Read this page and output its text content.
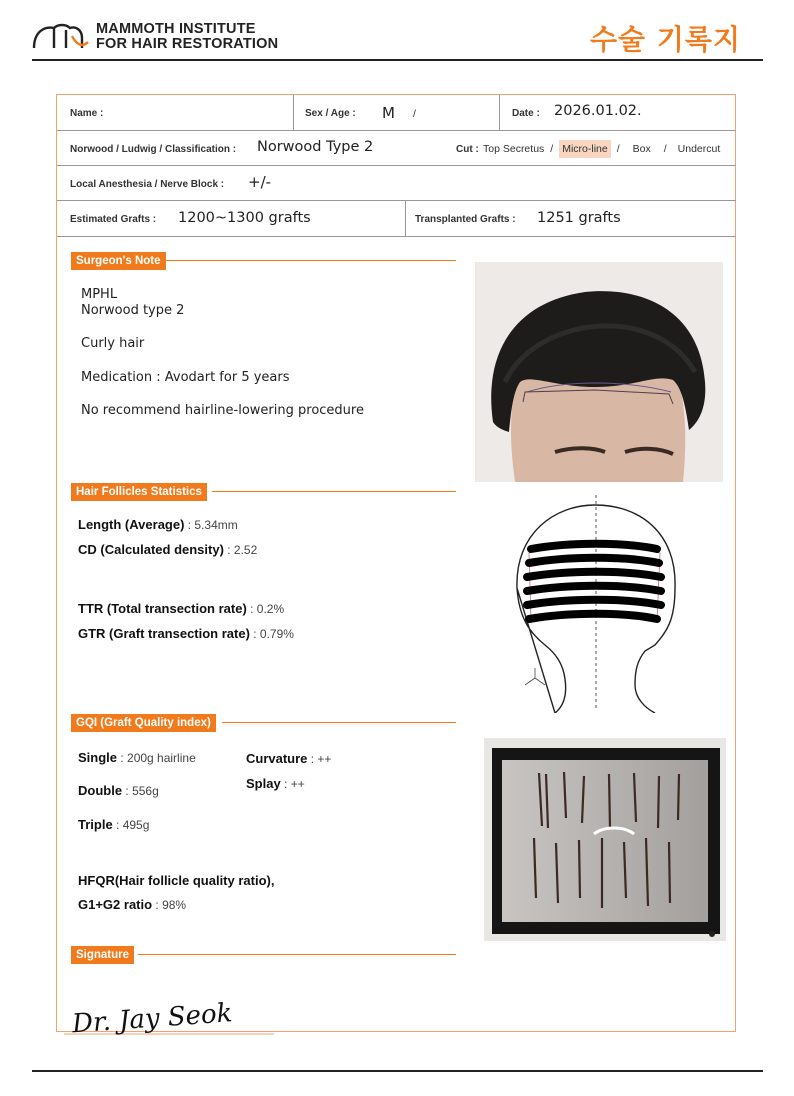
MAMMOTH INSTITUTE
FOR HAIR RESTORATION	수술 기록지
Name :	Sex / Age : M /	Date : 2026.01.02.
Norwood / Ludwig / Classification : Norwood Type 2	Cut : Top Secretus / Micro-line / Box / Undercut
Local Anesthesia / Nerve Block : +/-
Estimated Grafts : 1200~1300 grafts	Transplanted Grafts : 1251 grafts
Surgeon's Note
MPHL
Norwood type 2
Curly hair
Medication : Avodart for 5 years
No recommend hairline-lowering procedure
Hair Follicles Statistics
Length (Average) : 5.34mm
CD (Calculated density) : 2.52
TTR (Total transection rate) : 0.2%
GTR (Graft transection rate) : 0.79%
GQI (Graft Quality index)
Single : 200g hairline
Double : 556g
Triple : 495g
Curvature : ++
Splay : ++
HFQR(Hair follicle quality ratio),
G1+G2 ratio : 98%
Signature
Dr. Jay Seok
